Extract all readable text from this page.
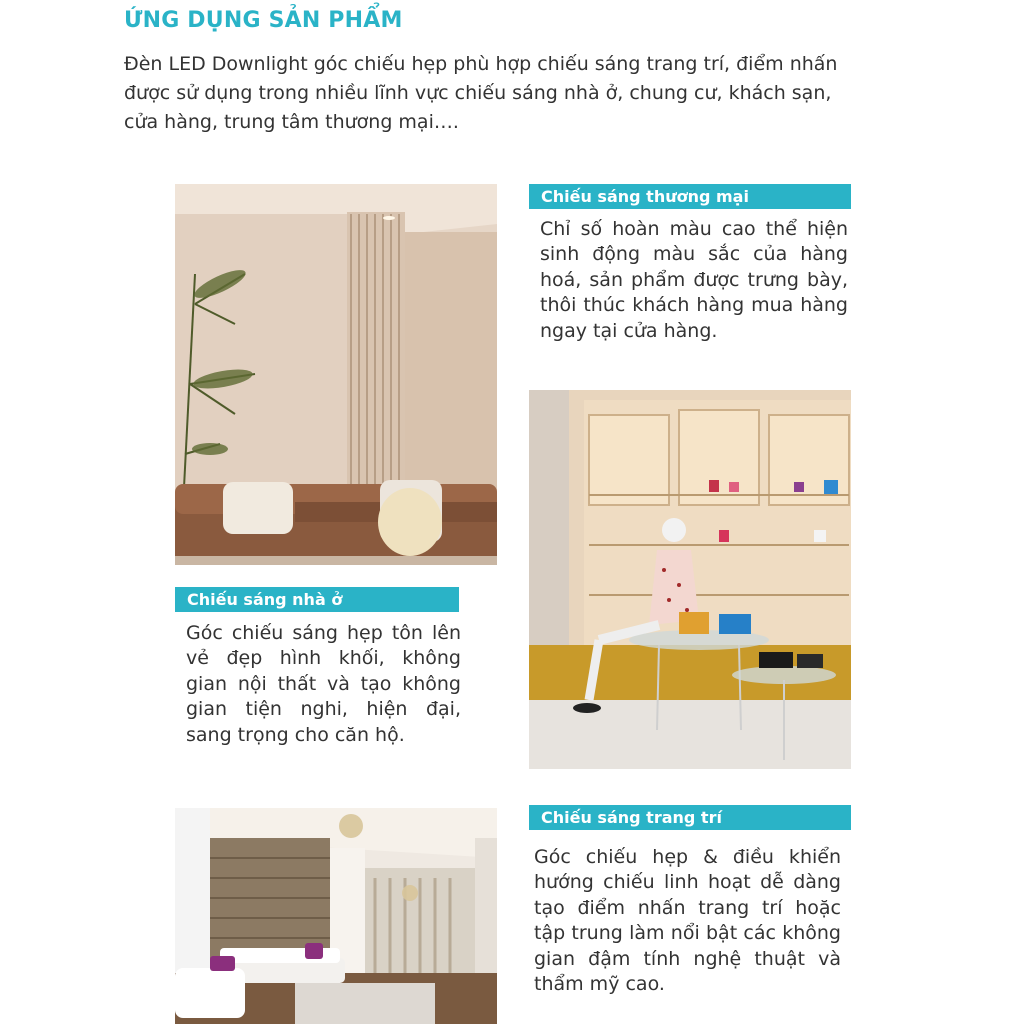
ỨNG DỤNG SẢN PHẨM

Đèn LED Downlight góc chiếu hẹp phù hợp chiếu sáng trang trí, điểm nhấn được sử dụng trong nhiều lĩnh vực chiếu sáng nhà ở, chung cư, khách sạn, cửa hàng, trung tâm thương mại….

Chiếu sáng thương mại

Chỉ số hoàn màu cao thể hiện sinh động màu sắc của hàng hoá, sản phẩm được trưng bày, thôi thúc khách hàng mua hàng ngay tại cửa hàng.

Chiếu sáng nhà ở

Góc chiếu sáng hẹp tôn lên vẻ đẹp hình khối, không gian nội thất và tạo không gian tiện nghi, hiện đại, sang trọng cho căn hộ.

Chiếu sáng trang trí

Góc chiếu hẹp & điều khiển hướng chiếu linh hoạt dễ dàng tạo điểm nhấn trang trí hoặc tập trung làm nổi bật các không gian đậm tính nghệ thuật và thẩm mỹ cao.
